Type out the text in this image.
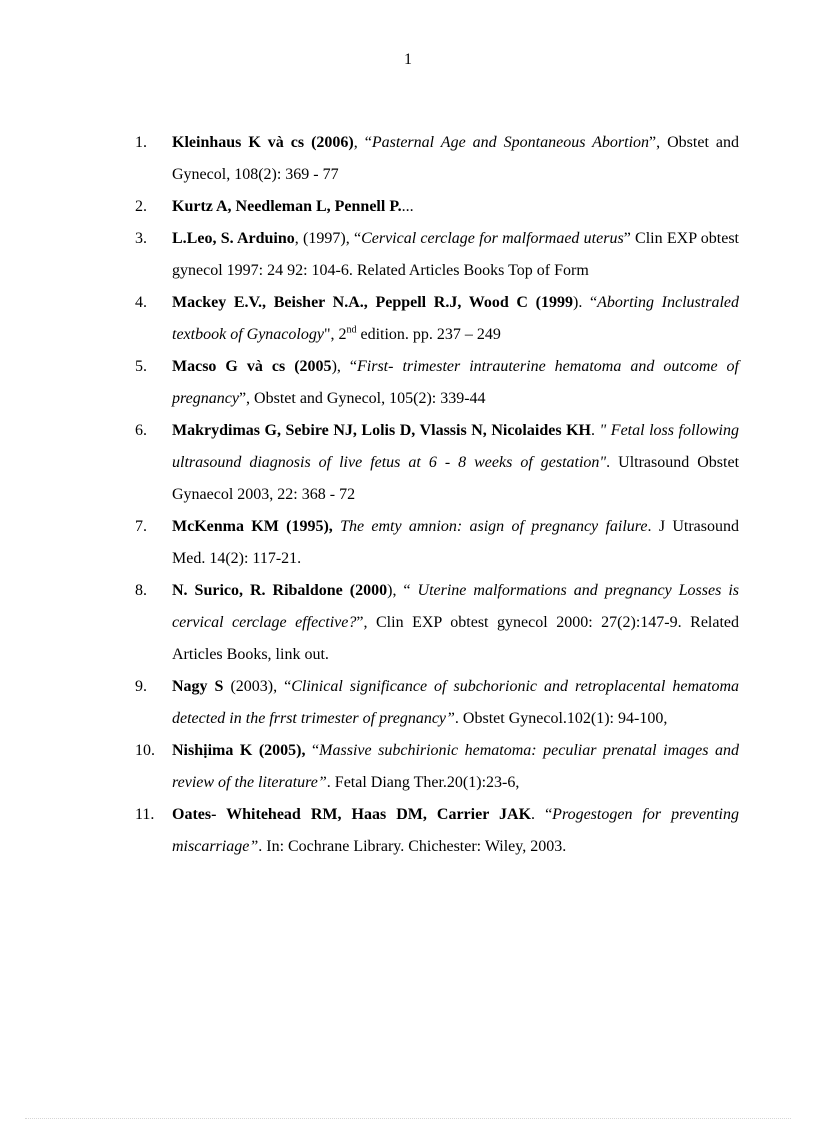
1
1. Kleinhaus K và cs (2006), “Pasternal Age and Spontaneous Abortion”, Obstet and Gynecol, 108(2): 369 - 77
2. Kurtz A, Needleman L, Pennell P....
3. L.Leo, S. Arduino, (1997), “Cervical cerclage for malformaed uterus” Clin EXP obtest gynecol 1997: 24 92: 104-6. Related Articles Books Top of Form
4. Mackey E.V., Beisher N.A., Peppell R.J, Wood C (1999). “Aborting Inclustraled textbook of Gynacology", 2nd edition. pp. 237 – 249
5. Macso G và cs (2005), “First- trimester intrauterine hematoma and outcome of pregnancy”, Obstet and Gynecol, 105(2): 339-44
6. Makrydimas G, Sebire NJ, Lolis D, Vlassis N, Nicolaides KH. " Fetal loss following ultrasound diagnosis of live fetus at 6 - 8 weeks of gestation". Ultrasound Obstet Gynaecol 2003, 22: 368 - 72
7. McKenma KM (1995), The emty amnion: asign of pregnancy failure. J Utrasound Med. 14(2): 117-21.
8. N. Surico, R. Ribaldone (2000), “ Uterine malformations and pregnancy Losses is cervical cerclage effective?”, Clin EXP obtest gynecol 2000: 27(2):147-9. Related Articles Books, link out.
9. Nagy S (2003), “Clinical significance of subchorionic and retroplacental hematoma detected in the frrst trimester of pregnancy”. Obstet Gynecol.102(1): 94-100,
10. Nishịima K (2005), “Massive subchirionic hematoma: peculiar prenatal images and review of the literature”. Fetal Diang Ther.20(1):23-6,
11. Oates- Whitehead RM, Haas DM, Carrier JAK. “Progestogen for preventing miscarriage”. In: Cochrane Library. Chichester: Wiley, 2003.
